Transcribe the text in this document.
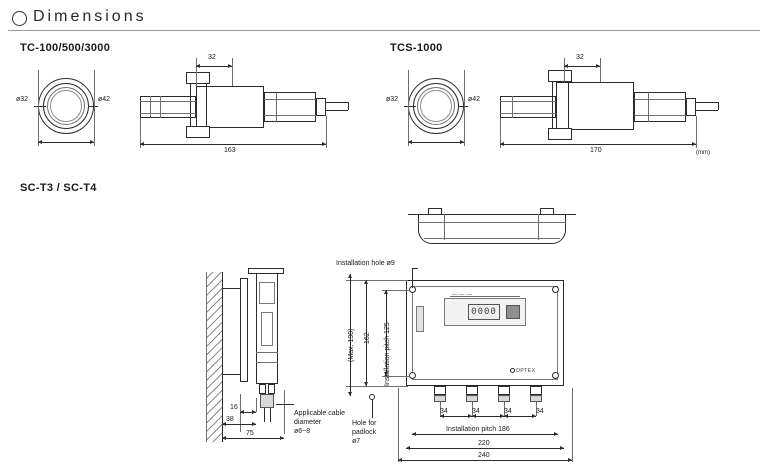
Dimensions
TC-100/500/3000	TCS-1000
SC-T3 / SC-T4
ø32	ø42
32
163
ø32	ø42
32
170	(mm)
16
38
75
Applicable cable
diameter
ø6~8
Hole for
padlock
ø7
Installation hole ø9
0000
— — —
OPTEX
34	34	34	34
Installation pitch 186
220
240
(Max. 190) 162 Installation pitch 125
